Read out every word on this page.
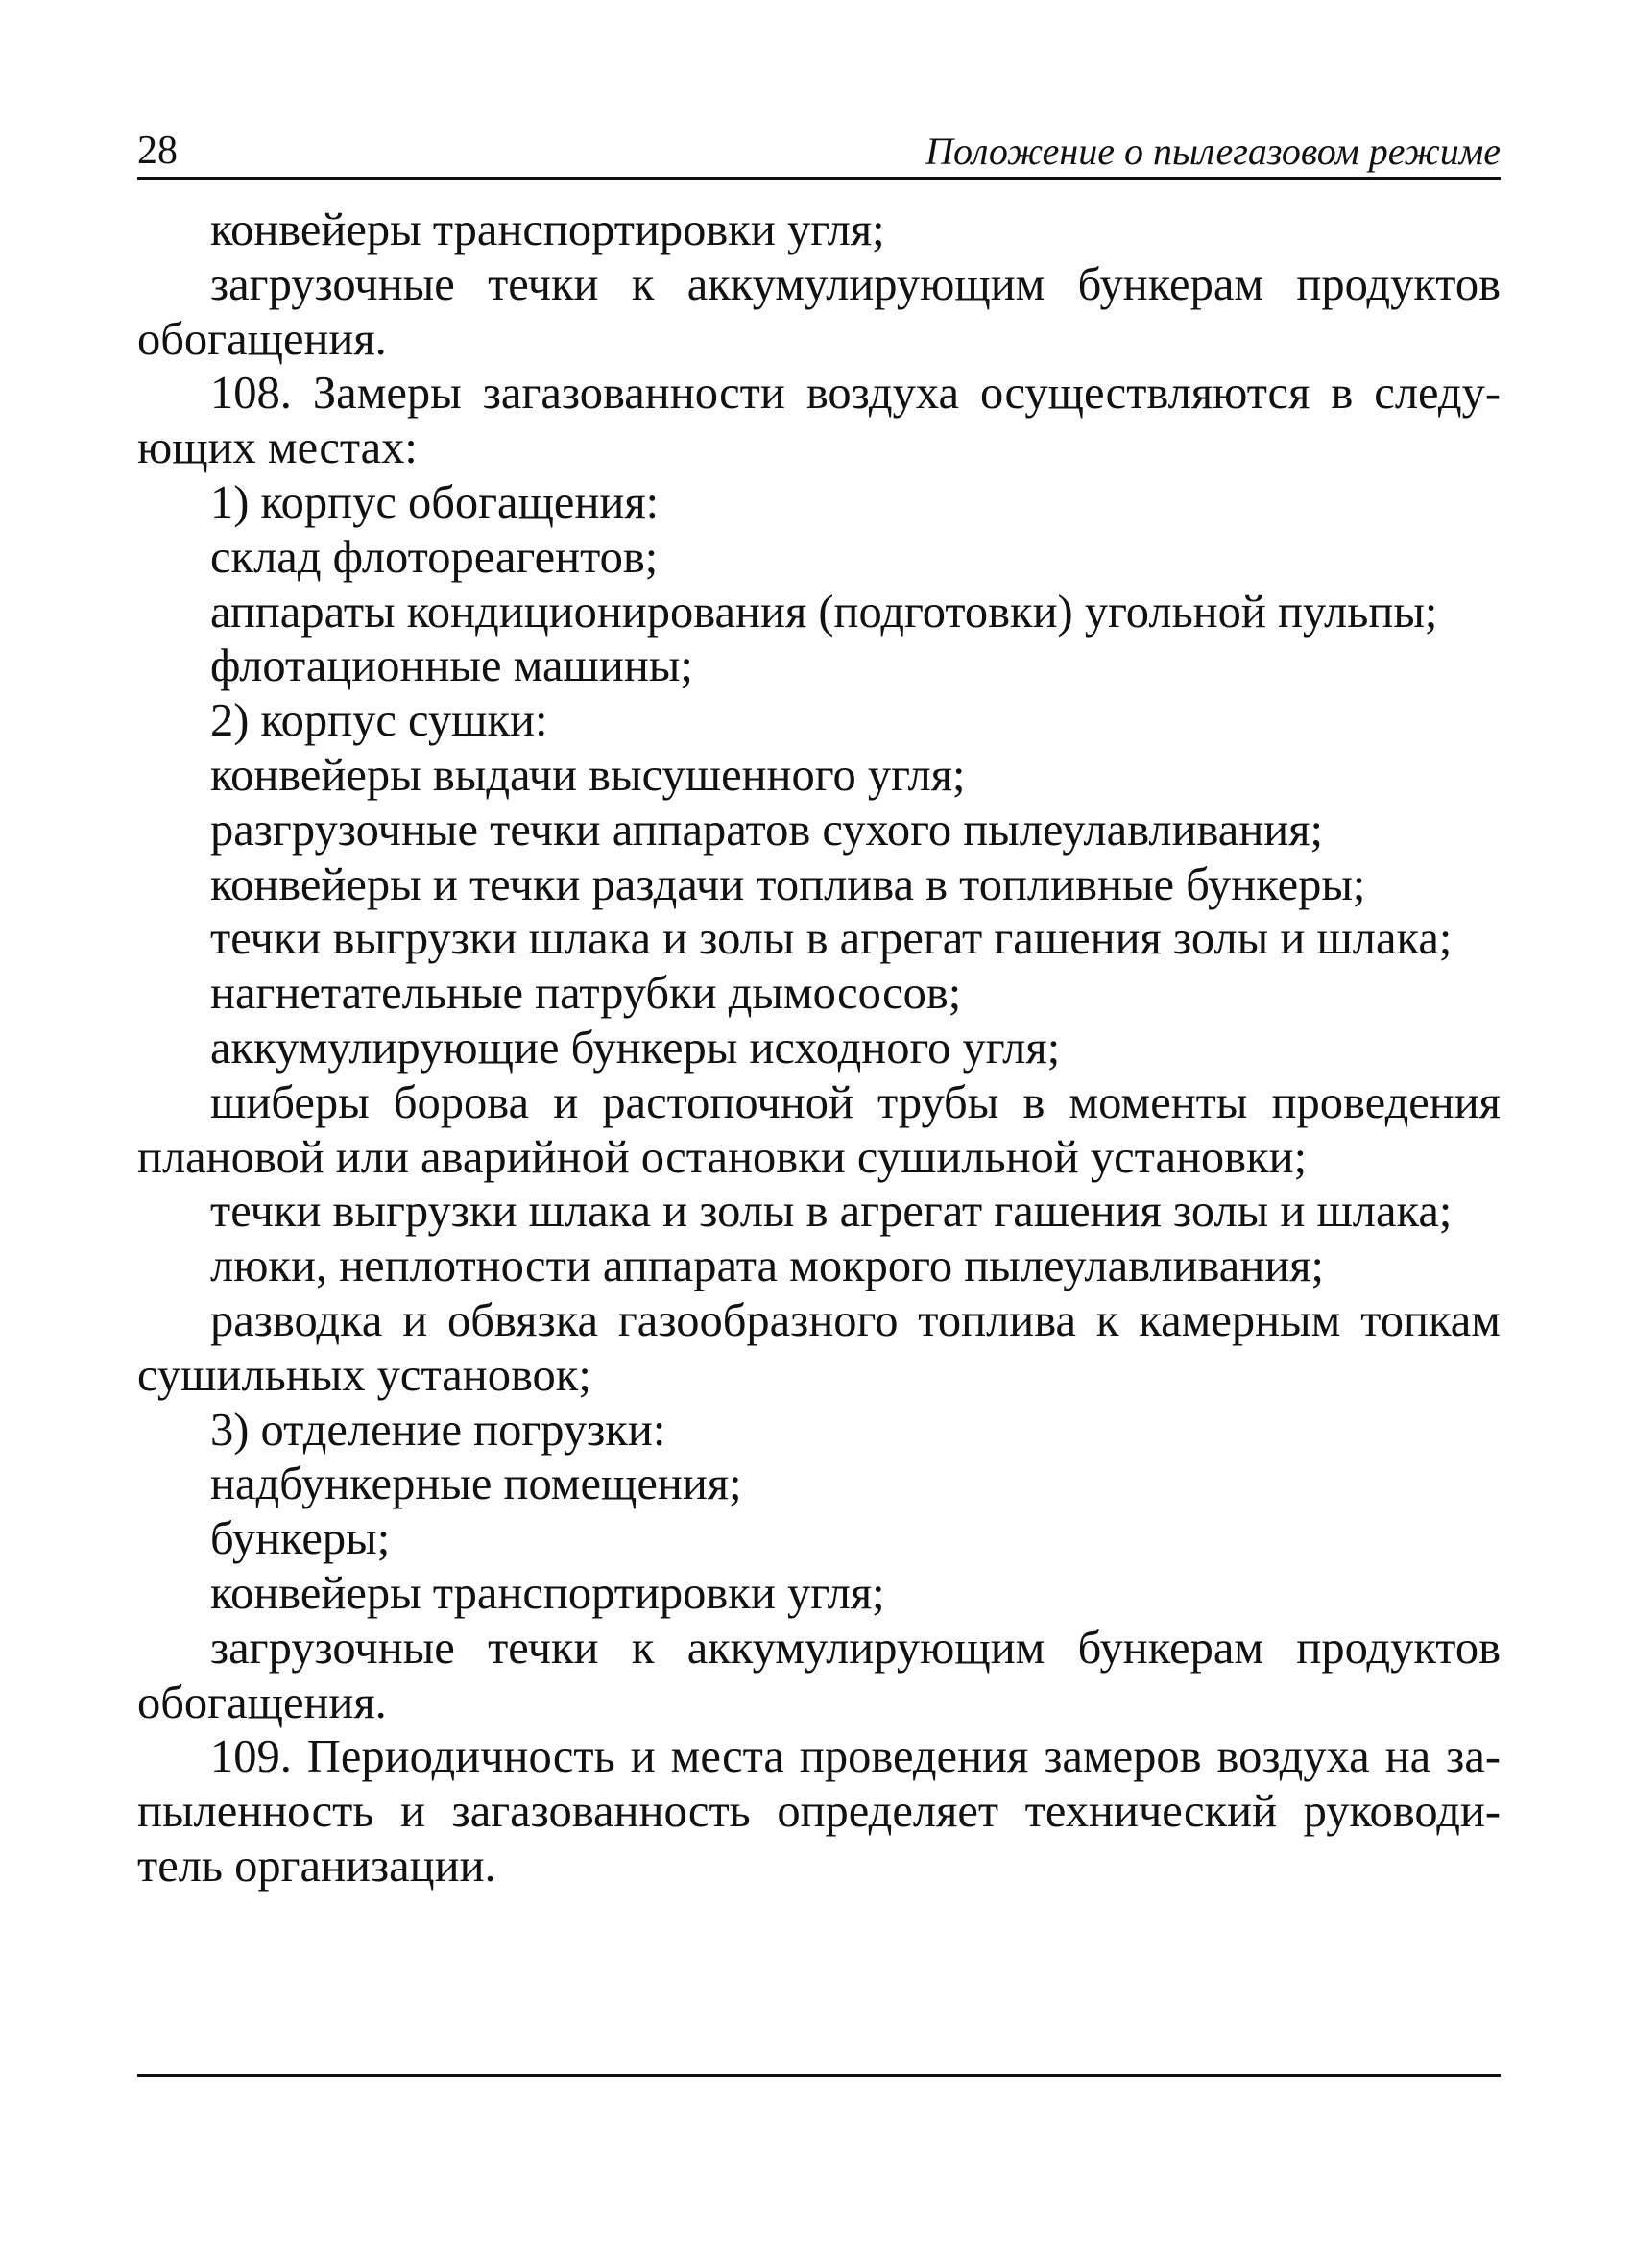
28	Положение о пылегазовом режиме
конвейеры транспортировки угля;
загрузочные течки к аккумулирующим бункерам продуктов
обогащения.
108. Замеры загазованности воздуха осуществляются в следу-
ющих местах:
1) корпус обогащения:
склад флотореагентов;
аппараты кондиционирования (подготовки) угольной пульпы;
флотационные машины;
2) корпус сушки:
конвейеры выдачи высушенного угля;
разгрузочные течки аппаратов сухого пылеулавливания;
конвейеры и течки раздачи топлива в топливные бункеры;
течки выгрузки шлака и золы в агрегат гашения золы и шлака;
нагнетательные патрубки дымососов;
аккумулирующие бункеры исходного угля;
шиберы борова и растопочной трубы в моменты проведения
плановой или аварийной остановки сушильной установки;
течки выгрузки шлака и золы в агрегат гашения золы и шлака;
люки, неплотности аппарата мокрого пылеулавливания;
разводка и обвязка газообразного топлива к камерным топкам
сушильных установок;
3) отделение погрузки:
надбункерные помещения;
бункеры;
конвейеры транспортировки угля;
загрузочные течки к аккумулирующим бункерам продуктов
обогащения.
109. Периодичность и места проведения замеров воздуха на за-
пыленность и загазованность определяет технический руководи-
тель организации.
